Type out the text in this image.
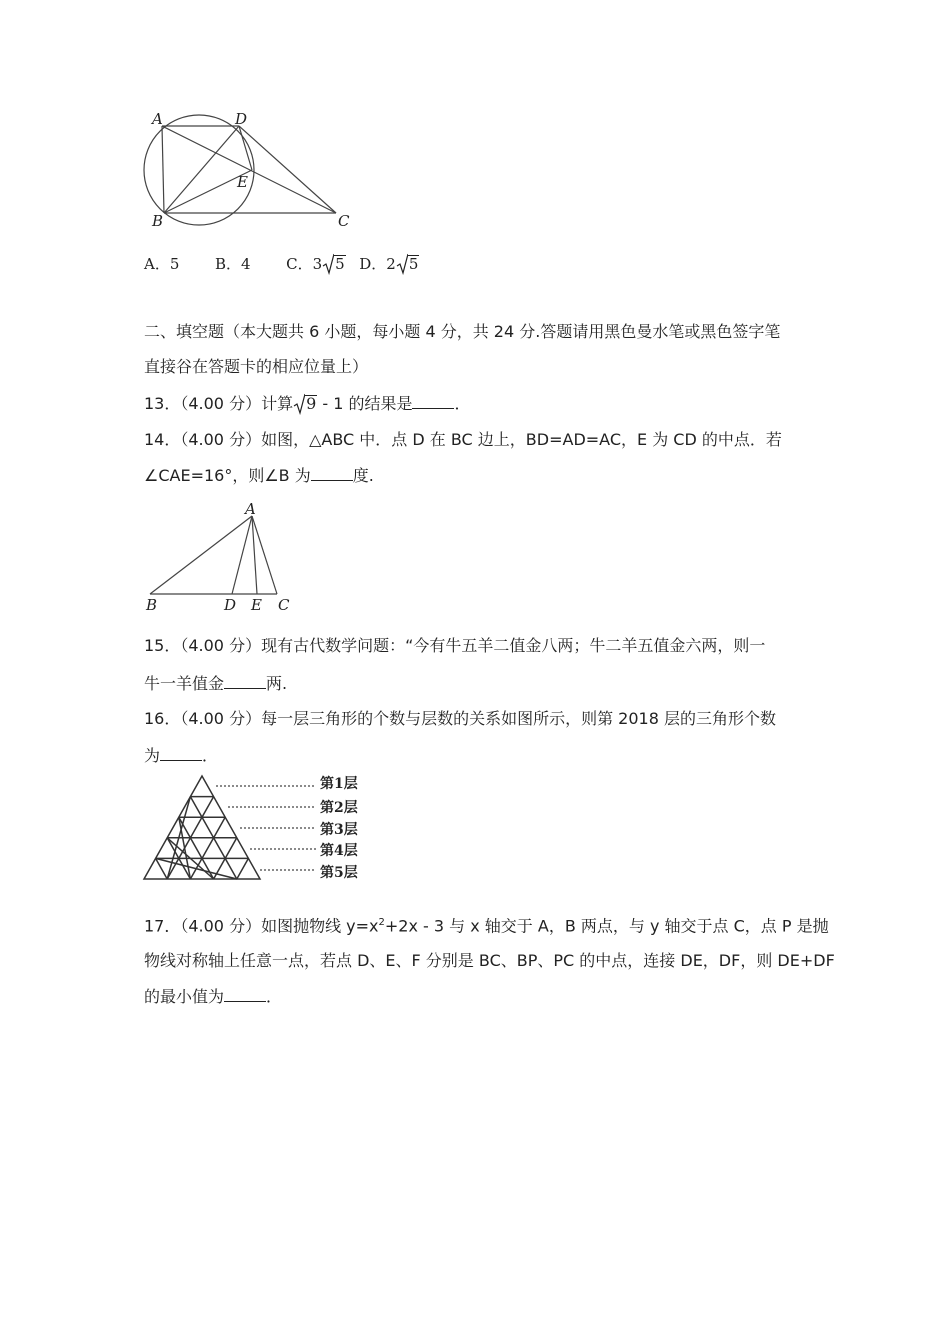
A	D
E
B	C
A．5 B．4 C．3 5 D．2 5
二、填空题（本大题共 6 小题，每小题 4 分，共 24 分.答题请用黑色曼水笔或黑色签字笔
直接谷在答题卡的相应位量上）
13．（4.00 分）计算 9 - 1 的结果是	．
14．（4.00 分）如图，△ABC 中．点 D 在 BC 边上，BD=AD=AC，E 为 CD 的中点．若
∠CAE=16°，则∠B 为	度.
A
B	D E C
15．（4.00 分）现有古代数学问题：“今有牛五羊二值金八两；牛二羊五值金六两，则一
牛一羊值金	两.
16．（4.00 分）每一层三角形的个数与层数的关系如图所示，则第 2018 层的三角形个数
为	．
第1层
第2层
第3层
第4层
第5层
17．（4.00 分）如图抛物线 $y=x^2+2x - 3$ 与 x 轴交于 A，B 两点，与 y 轴交于点 C，点 P 是抛
物线对称轴上任意一点，若点 D、E、F 分别是 BC、BP、PC 的中点，连接 DE，DF，则 DE+DF
的最小值为	．
